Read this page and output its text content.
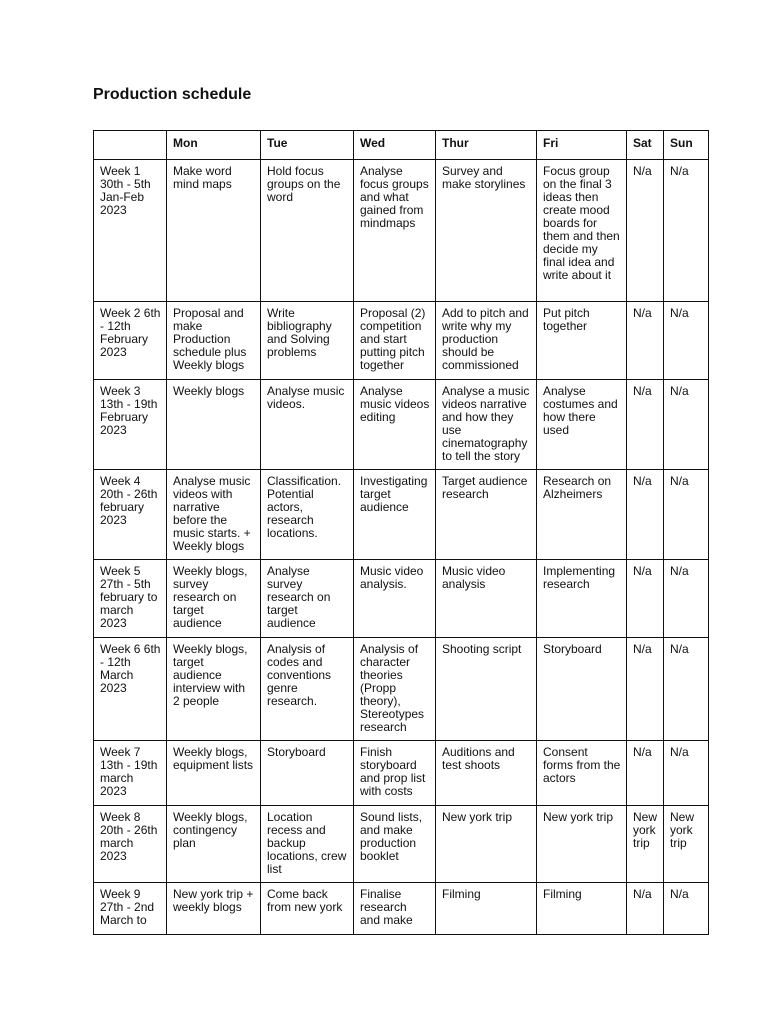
Production schedule
	Mon	Tue	Wed	Thur	Fri	Sat	Sun
Week 1 30th - 5th Jan-Feb 2023	Make word mind maps	Hold focus groups on the word	Analyse focus groups and what gained from mindmaps	Survey and make storylines	Focus group on the final 3 ideas then create mood boards for them and then decide my final idea and write about it	N/a	N/a
Week 2 6th - 12th February 2023	Proposal and make Production schedule plus Weekly blogs	Write bibliography and Solving problems	Proposal (2) competition and start putting pitch together	Add to pitch and write why my production should be commissioned	Put pitch together	N/a	N/a
Week 3 13th - 19th February 2023	Weekly blogs	Analyse music videos.	Analyse music videos editing	Analyse a music videos narrative and how they use cinematography to tell the story	Analyse costumes and how there used	N/a	N/a
Week 4 20th - 26th february 2023	Analyse music videos with narrative before the music starts. + Weekly blogs	Classification. Potential actors, research locations.	Investigating target audience	Target audience research	Research on Alzheimers	N/a	N/a
Week 5 27th - 5th february to march 2023	Weekly blogs, survey research on target audience	Analyse survey research on target audience	Music video analysis.	Music video analysis	Implementing research	N/a	N/a
Week 6 6th - 12th March 2023	Weekly blogs, target audience interview with 2 people	Analysis of codes and conventions genre research.	Analysis of character theories (Propp theory), Stereotypes research	Shooting script	Storyboard	N/a	N/a
Week 7 13th - 19th march 2023	Weekly blogs, equipment lists	Storyboard	Finish storyboard and prop list with costs	Auditions and test shoots	Consent forms from the actors	N/a	N/a
Week 8 20th - 26th march 2023	Weekly blogs, contingency plan	Location recess and backup locations, crew list	Sound lists, and make production booklet	New york trip	New york trip	New york trip	New york trip
Week 9 27th - 2nd March to	New york trip + weekly blogs	Come back from new york	Finalise research and make	Filming	Filming	N/a	N/a
